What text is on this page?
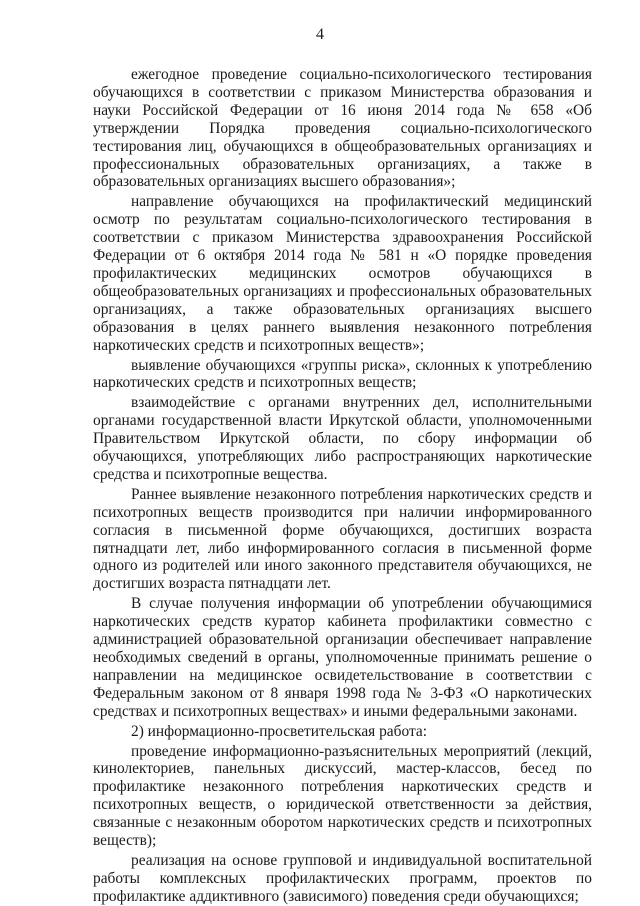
4

ежегодное проведение социально-психологического тестирования обучающихся в соответствии с приказом Министерства образования и науки Российской Федерации от 16 июня 2014 года № 658 «Об утверждении Порядка проведения социально-психологического тестирования лиц, обучающихся в общеобразовательных организациях и профессиональных образовательных организациях, а также в образовательных организациях высшего образования»;

направление обучающихся на профилактический медицинский осмотр по результатам социально-психологического тестирования в соответствии с приказом Министерства здравоохранения Российской Федерации от 6 октября 2014 года № 581 н «О порядке проведения профилактических медицинских осмотров обучающихся в общеобразовательных организациях и профессиональных образовательных организациях, а также образовательных организациях высшего образования в целях раннего выявления незаконного потребления наркотических средств и психотропных веществ»;

выявление обучающихся «группы риска», склонных к употреблению наркотических средств и психотропных веществ;

взаимодействие с органами внутренних дел, исполнительными органами государственной власти Иркутской области, уполномоченными Правительством Иркутской области, по сбору информации об обучающихся, употребляющих либо распространяющих наркотические средства и психотропные вещества.

Раннее выявление незаконного потребления наркотических средств и психотропных веществ производится при наличии информированного согласия в письменной форме обучающихся, достигших возраста пятнадцати лет, либо информированного согласия в письменной форме одного из родителей или иного законного представителя обучающихся, не достигших возраста пятнадцати лет.

В случае получения информации об употреблении обучающимися наркотических средств куратор кабинета профилактики совместно с администрацией образовательной организации обеспечивает направление необходимых сведений в органы, уполномоченные принимать решение о направлении на медицинское освидетельствование в соответствии с Федеральным законом от 8 января 1998 года № 3-ФЗ «О наркотических средствах и психотропных веществах» и иными федеральными законами.

2) информационно-просветительская работа:

проведение информационно-разъяснительных мероприятий (лекций, кинолекториев, панельных дискуссий, мастер-классов, бесед по профилактике незаконного потребления наркотических средств и психотропных веществ, о юридической ответственности за действия, связанные с незаконным оборотом наркотических средств и психотропных веществ);

реализация на основе групповой и индивидуальной воспитательной работы комплексных профилактических программ, проектов по профилактике аддиктивного (зависимого) поведения среди обучающихся;
